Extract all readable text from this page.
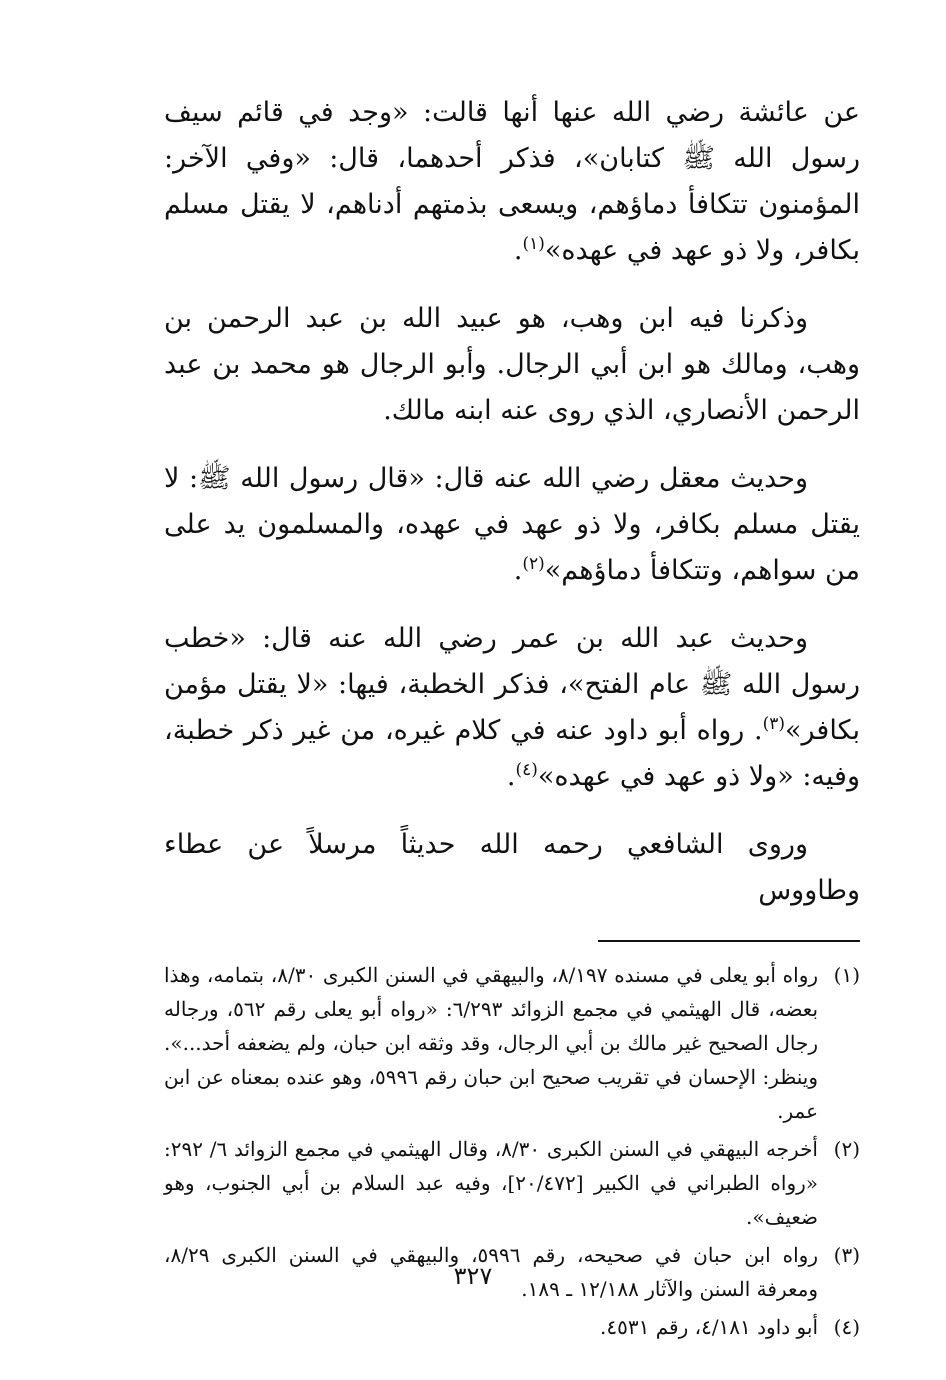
عن عائشة رضي الله عنها أنها قالت: «وجد في قائم سيف رسول الله ﷺ كتابان»، فذكر أحدهما، قال: «وفي الآخر: المؤمنون تتكافأ دماؤهم، ويسعى بذمتهم أدناهم، لا يقتل مسلم بكافر، ولا ذو عهد في عهده»$^{(١)}$.

وذكرنا فيه ابن وهب، هو عبيد الله بن عبد الرحمن بن وهب، ومالك هو ابن أبي الرجال. وأبو الرجال هو محمد بن عبد الرحمن الأنصاري، الذي روى عنه ابنه مالك.

وحديث معقل رضي الله عنه قال: «قال رسول الله ﷺ: لا يقتل مسلم بكافر، ولا ذو عهد في عهده، والمسلمون يد على من سواهم، وتتكافأ دماؤهم»$^{(٢)}$.

وحديث عبد الله بن عمر رضي الله عنه قال: «خطب رسول الله ﷺ عام الفتح»، فذكر الخطبة، فيها: «لا يقتل مؤمن بكافر»$^{(٣)}$. رواه أبو داود عنه في كلام غيره، من غير ذكر خطبة، وفيه: «ولا ذو عهد في عهده»$^{(٤)}$.

وروى الشافعي رحمه الله حديثاً مرسلاً عن عطاء وطاووس

(١)
رواه أبو يعلى في مسنده ٨/١٩٧، والبيهقي في السنن الكبرى ٨/٣٠، بتمامه، وهذا بعضه، قال الهيثمي في مجمع الزوائد ٦/٢٩٣: «رواه أبو يعلى رقم ٥٦٢، ورجاله رجال الصحيح غير مالك بن أبي الرجال، وقد وثقه ابن حبان، ولم يضعفه أحد...». وينظر: الإحسان في تقريب صحيح ابن حبان رقم ٥٩٩٦، وهو عنده بمعناه عن ابن عمر.
(٢)
أخرجه البيهقي في السنن الكبرى ٨/٣٠، وقال الهيثمي في مجمع الزوائد ٦/ ٢٩٢: «رواه الطبراني في الكبير [٢٠/٤٧٢]، وفيه عبد السلام بن أبي الجنوب، وهو ضعيف».
(٣)
رواه ابن حبان في صحيحه، رقم ٥٩٩٦، والبيهقي في السنن الكبرى ٨/٢٩، ومعرفة السنن والآثار ١٢/١٨٨ ـ ١٨٩.
(٤)
أبو داود ٤/١٨١، رقم ٤٥٣١.
٣٢٧
